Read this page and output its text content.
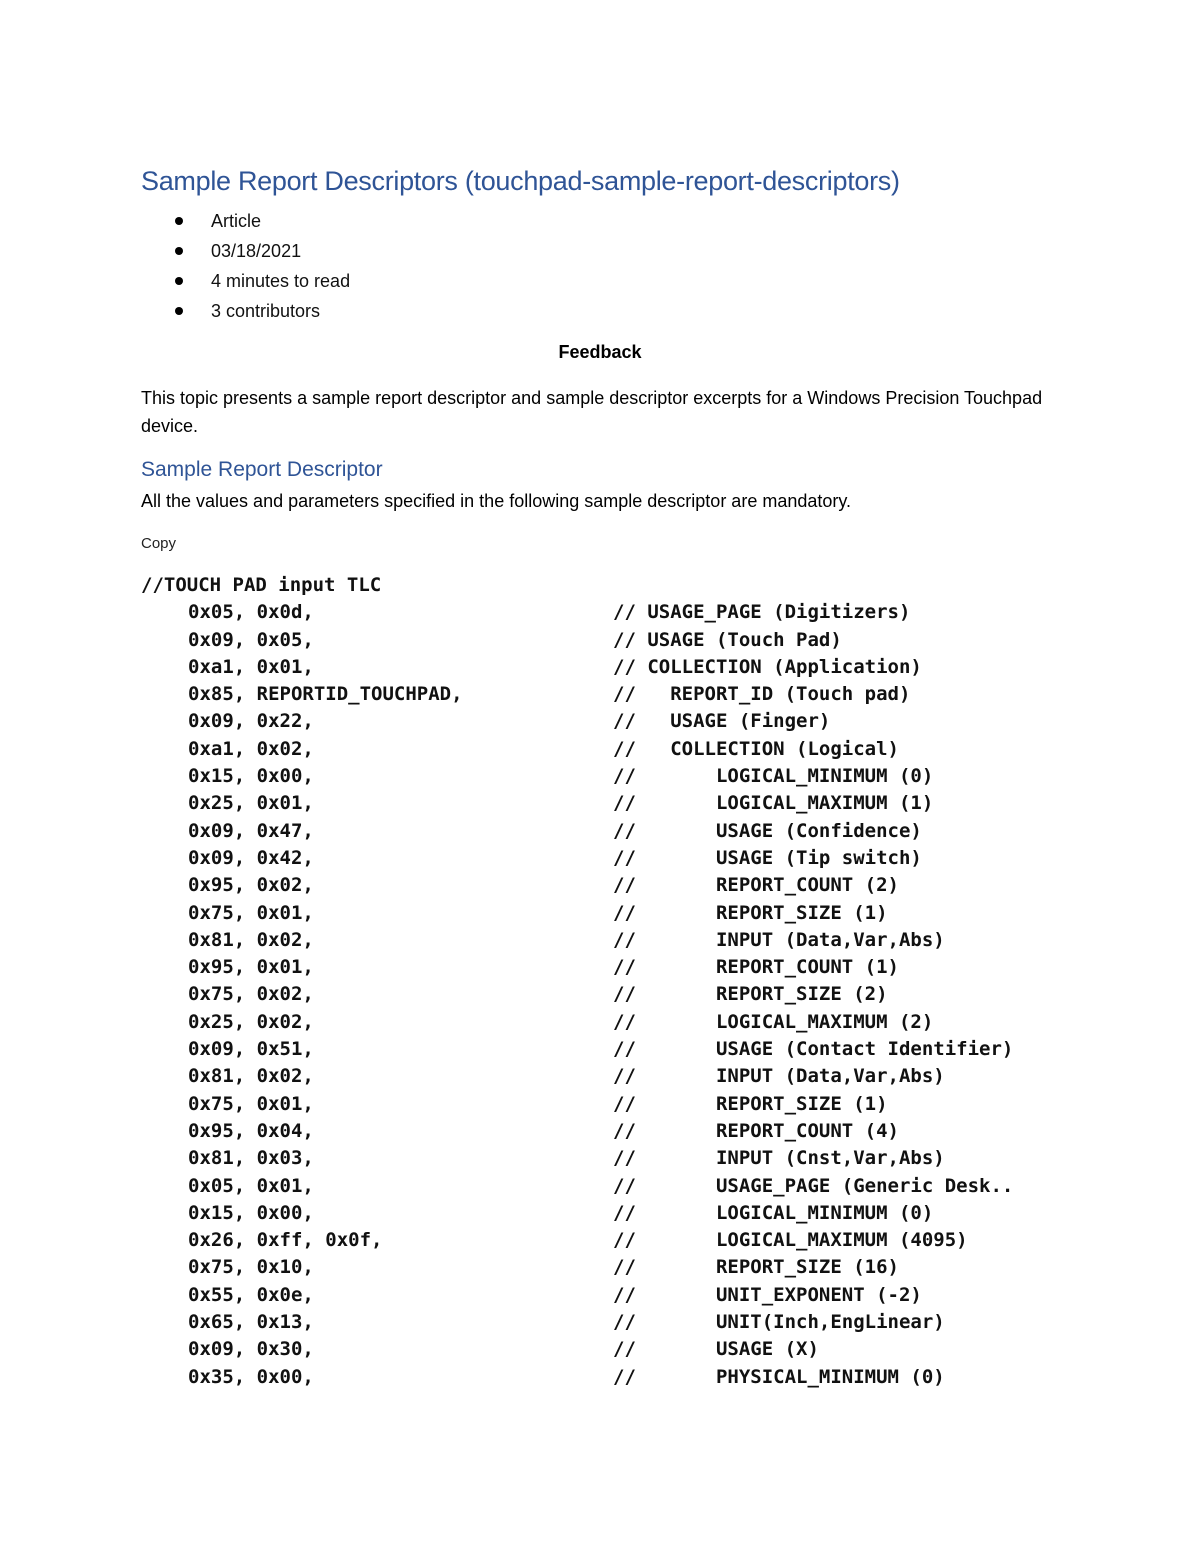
Sample Report Descriptors (touchpad-sample-report-descriptors)
Article
03/18/2021
4 minutes to read
3 contributors
Feedback

This topic presents a sample report descriptor and sample descriptor excerpts for a Windows Precision Touchpad device.

Sample Report Descriptor
All the values and parameters specified in the following sample descriptor are mandatory.
Copy
//TOUCH PAD input TLC
0x05, 0x0d,	// USAGE_PAGE (Digitizers)
0x09, 0x05,	// USAGE (Touch Pad)
0xa1, 0x01,	// COLLECTION (Application)
0x85, REPORTID_TOUCHPAD,	//   REPORT_ID (Touch pad)
0x09, 0x22,	//   USAGE (Finger)
0xa1, 0x02,	//   COLLECTION (Logical)
0x15, 0x00,	//       LOGICAL_MINIMUM (0)
0x25, 0x01,	//       LOGICAL_MAXIMUM (1)
0x09, 0x47,	//       USAGE (Confidence)
0x09, 0x42,	//       USAGE (Tip switch)
0x95, 0x02,	//       REPORT_COUNT (2)
0x75, 0x01,	//       REPORT_SIZE (1)
0x81, 0x02,	//       INPUT (Data,Var,Abs)
0x95, 0x01,	//       REPORT_COUNT (1)
0x75, 0x02,	//       REPORT_SIZE (2)
0x25, 0x02,	//       LOGICAL_MAXIMUM (2)
0x09, 0x51,	//       USAGE (Contact Identifier)
0x81, 0x02,	//       INPUT (Data,Var,Abs)
0x75, 0x01,	//       REPORT_SIZE (1)
0x95, 0x04,	//       REPORT_COUNT (4)
0x81, 0x03,	//       INPUT (Cnst,Var,Abs)
0x05, 0x01,	//       USAGE_PAGE (Generic Desk..
0x15, 0x00,	//       LOGICAL_MINIMUM (0)
0x26, 0xff, 0x0f,	//       LOGICAL_MAXIMUM (4095)
0x75, 0x10,	//       REPORT_SIZE (16)
0x55, 0x0e,	//       UNIT_EXPONENT (-2)
0x65, 0x13,	//       UNIT(Inch,EngLinear)
0x09, 0x30,	//       USAGE (X)
0x35, 0x00,	//       PHYSICAL_MINIMUM (0)
